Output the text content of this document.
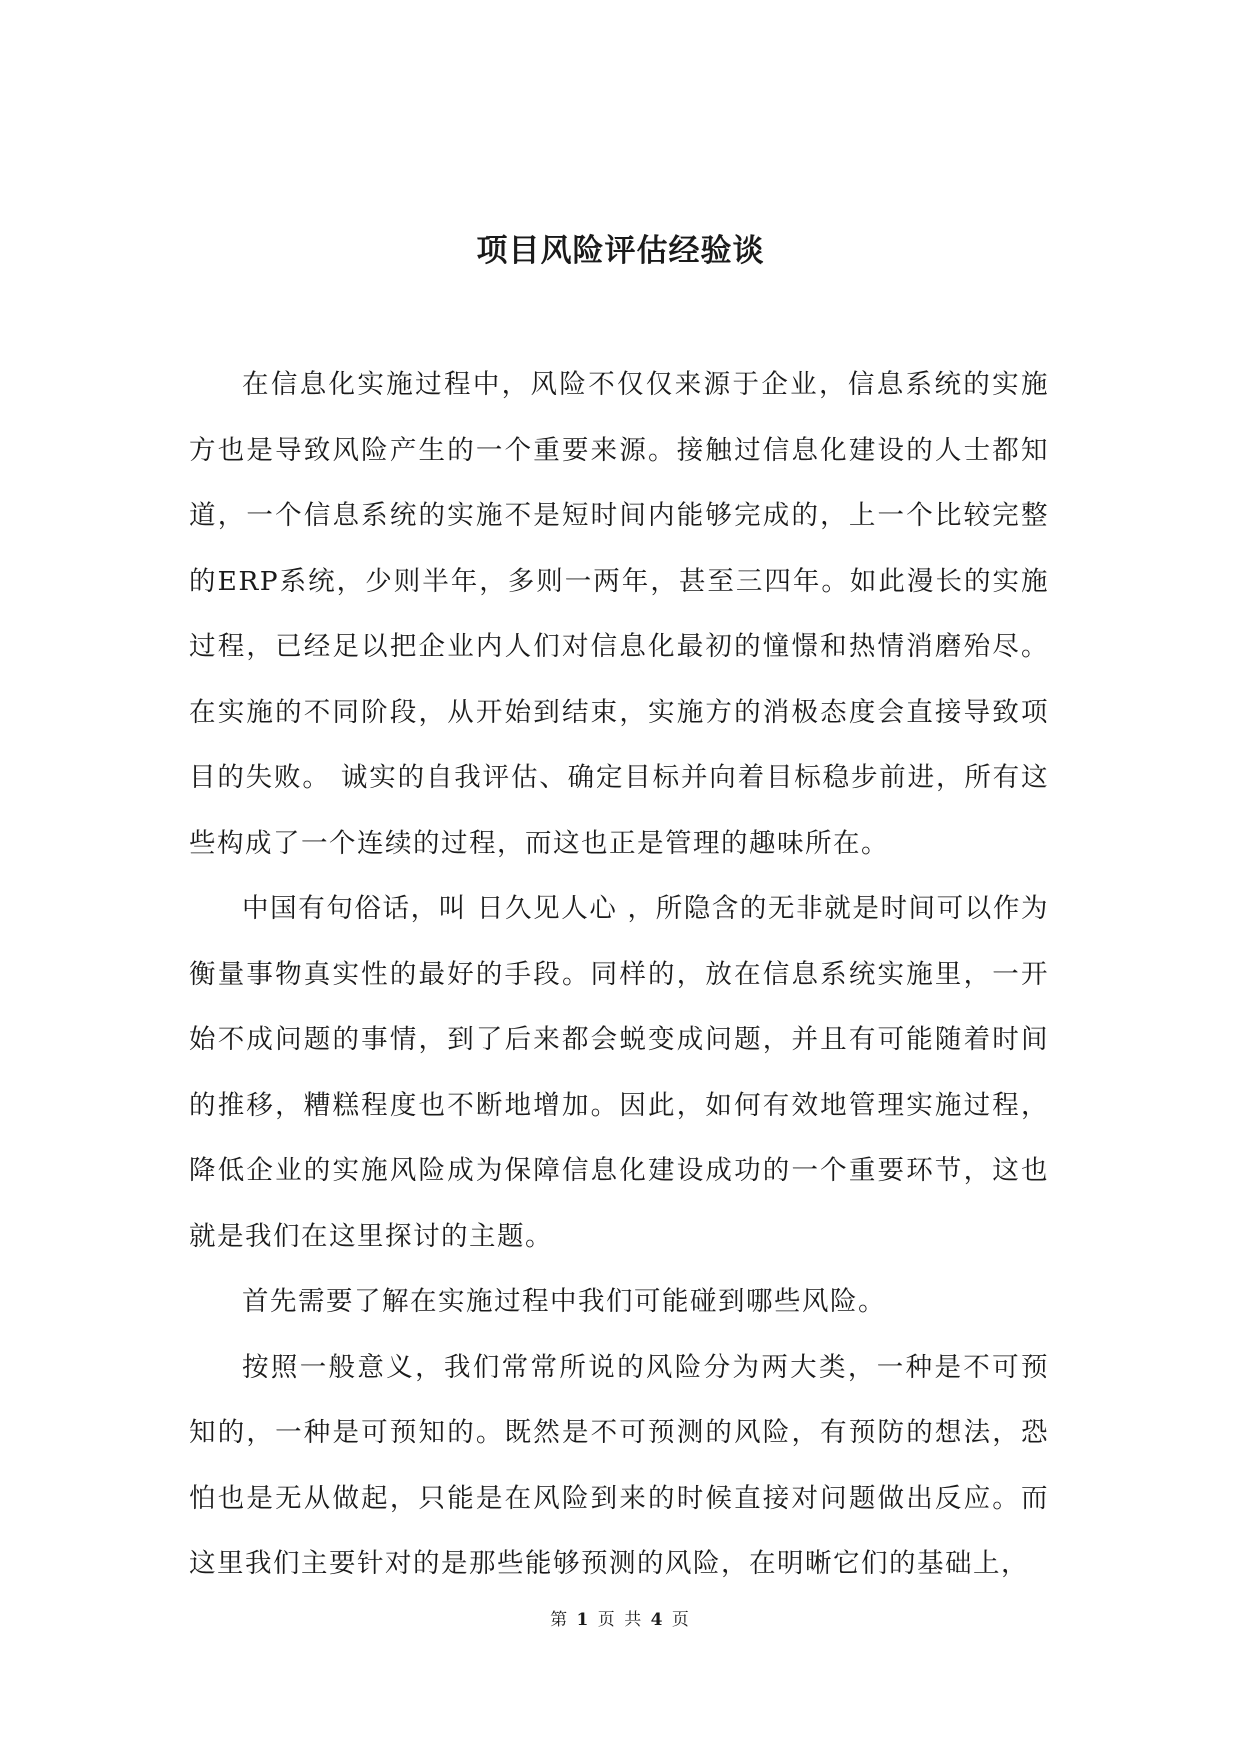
项目风险评估经验谈

在信息化实施过程中，风险不仅仅来源于企业，信息系统的实施方也是导致风险产生的一个重要来源。接触过信息化建设的人士都知道，一个信息系统的实施不是短时间内能够完成的，上一个比较完整的ERP系统，少则半年，多则一两年，甚至三四年。如此漫长的实施过程，已经足以把企业内人们对信息化最初的憧憬和热情消磨殆尽。在实施的不同阶段，从开始到结束，实施方的消极态度会直接导致项目的失败。 诚实的自我评估、确定目标并向着目标稳步前进，所有这些构成了一个连续的过程，而这也正是管理的趣味所在。

中国有句俗话，叫 日久见人心 ，所隐含的无非就是时间可以作为衡量事物真实性的最好的手段。同样的，放在信息系统实施里，一开始不成问题的事情，到了后来都会蜕变成问题，并且有可能随着时间的推移，糟糕程度也不断地增加。因此，如何有效地管理实施过程，降低企业的实施风险成为保障信息化建设成功的一个重要环节，这也就是我们在这里探讨的主题。

首先需要了解在实施过程中我们可能碰到哪些风险。

按照一般意义，我们常常所说的风险分为两大类，一种是不可预知的，一种是可预知的。既然是不可预测的风险，有预防的想法，恐怕也是无从做起，只能是在风险到来的时候直接对问题做出反应。而这里我们主要针对的是那些能够预测的风险，在明晰它们的基础上，

第 1 页 共 4 页
